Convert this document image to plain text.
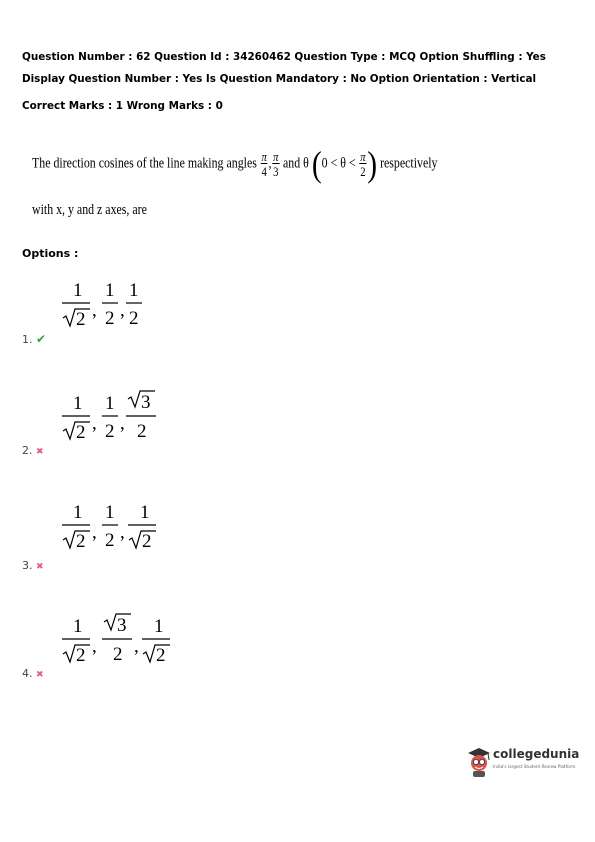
Question Number : 62 Question Id : 34260462 Question Type : MCQ Option Shuffling : Yes
Display Question Number : Yes Is Question Mandatory : No Option Orientation : Vertical
Correct Marks : 1 Wrong Marks : 0
The direction cosines of the line making angles $\frac{\pi}{4}$ , $\frac{\pi}{3}$ and θ ($0 < \theta < \frac{\pi}{2}$ ) respectively
with x, y and z axes, are
Options :
1
2 ,
1
2 ,
1
2
1. ✔
1
2 ,
1
2 ,
3
2
2. ✖
1
2 ,
1
2 ,
1
2
3. ✖
1
2 ,
3
2 ,
1
2
4. ✖
collegedunia
India's largest Student Review Platform
